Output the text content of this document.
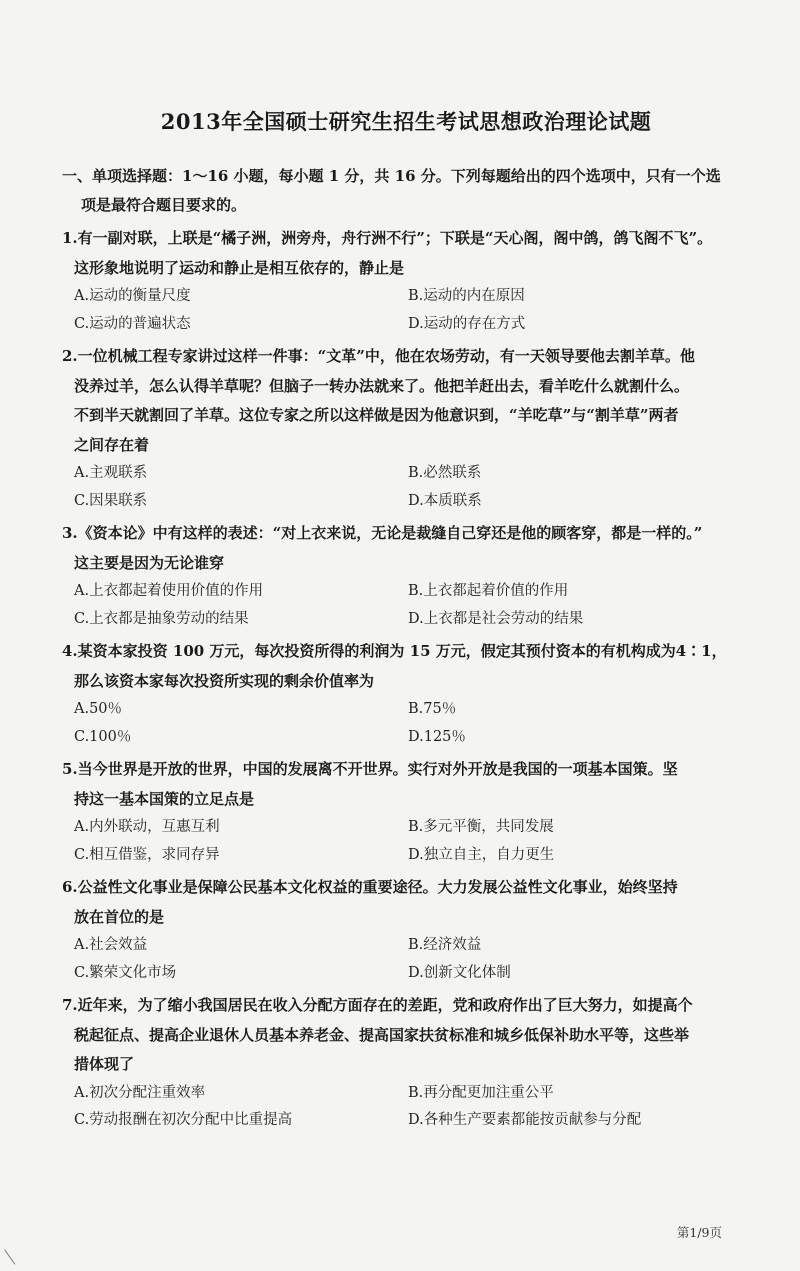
2013年全国硕士研究生招生考试思想政治理论试题
一、单项选择题：1～16 小题，每小题 1 分，共 16 分。下列每题给出的四个选项中，只有一个选
项是最符合题目要求的。
1.有一副对联，上联是“橘子洲，洲旁舟，舟行洲不行”；下联是“天心阁，阁中鸽，鸽飞阁不飞”。
这形象地说明了运动和静止是相互依存的，静止是
A.运动的衡量尺度	B.运动的内在原因
C.运动的普遍状态	D.运动的存在方式
2.一位机械工程专家讲过这样一件事：“文革”中，他在农场劳动，有一天领导要他去割羊草。他
没养过羊，怎么认得羊草呢？但脑子一转办法就来了。他把羊赶出去，看羊吃什么就割什么。
不到半天就割回了羊草。这位专家之所以这样做是因为他意识到，“羊吃草”与“割羊草”两者
之间存在着
A.主观联系	B.必然联系
C.因果联系	D.本质联系
3.《资本论》中有这样的表述：“对上衣来说，无论是裁缝自己穿还是他的顾客穿，都是一样的。”
这主要是因为无论谁穿
A.上衣都起着使用价值的作用	B.上衣都起着价值的作用
C.上衣都是抽象劳动的结果	D.上衣都是社会劳动的结果
4.某资本家投资 100 万元，每次投资所得的利润为 15 万元，假定其预付资本的有机构成为4∶1，
那么该资本家每次投资所实现的剩余价值率为
A.50％	B.75％
C.100％	D.125％
5.当今世界是开放的世界，中国的发展离不开世界。实行对外开放是我国的一项基本国策。坚
持这一基本国策的立足点是
A.内外联动，互惠互利	B.多元平衡，共同发展
C.相互借鉴，求同存异	D.独立自主，自力更生
6.公益性文化事业是保障公民基本文化权益的重要途径。大力发展公益性文化事业，始终坚持
放在首位的是
A.社会效益	B.经济效益
C.繁荣文化市场	D.创新文化体制
7.近年来，为了缩小我国居民在收入分配方面存在的差距，党和政府作出了巨大努力，如提高个
税起征点、提高企业退休人员基本养老金、提高国家扶贫标准和城乡低保补助水平等，这些举
措体现了
A.初次分配注重效率	B.再分配更加注重公平
C.劳动报酬在初次分配中比重提高	D.各种生产要素都能按贡献参与分配
第1/9页
